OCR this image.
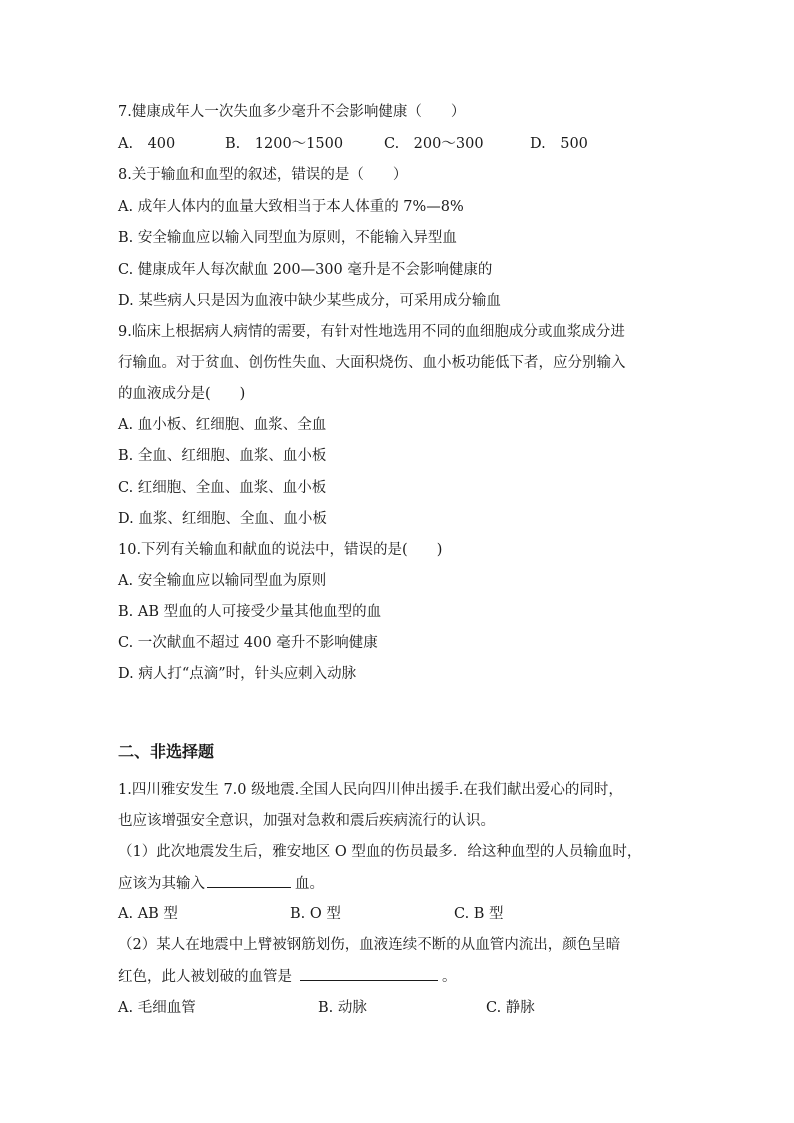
7.健康成年人一次失血多少毫升不会影响健康（　　）
A.　400	B.　1200～1500	C.　200～300	D.　500
8.关于输血和血型的叙述，错误的是（　　）
A. 成年人体内的血量大致相当于本人体重的 7%—8%
B. 安全输血应以输入同型血为原则，不能输入异型血
C. 健康成年人每次献血 200—300 毫升是不会影响健康的
D. 某些病人只是因为血液中缺少某些成分，可采用成分输血
9.临床上根据病人病情的需要，有针对性地选用不同的血细胞成分或血浆成分进
行输血。对于贫血、创伤性失血、大面积烧伤、血小板功能低下者，应分别输入
的血液成分是(　　)
A. 血小板、红细胞、血浆、全血
B. 全血、红细胞、血浆、血小板
C. 红细胞、全血、血浆、血小板
D. 血浆、红细胞、全血、血小板
10.下列有关输血和献血的说法中，错误的是(　　)
A. 安全输血应以输同型血为原则
B. AB 型血的人可接受少量其他血型的血
C. 一次献血不超过 400 毫升不影响健康
D. 病人打“点滴”时，针头应刺入动脉
二、非选择题
1.四川雅安发生 7.0 级地震.全国人民向四川伸出援手.在我们献出爱心的同时，
也应该增强安全意识，加强对急救和震后疾病流行的认识。
（1）此次地震发生后，雅安地区 O 型血的伤员最多．给这种血型的人员输血时，
应该为其输入	血。
A. AB 型	B. O 型	C. B 型
（2）某人在地震中上臂被钢筋划伤，血液连续不断的从血管内流出，颜色呈暗
红色，此人被划破的血管是	。
A. 毛细血管	B. 动脉	C. 静脉
